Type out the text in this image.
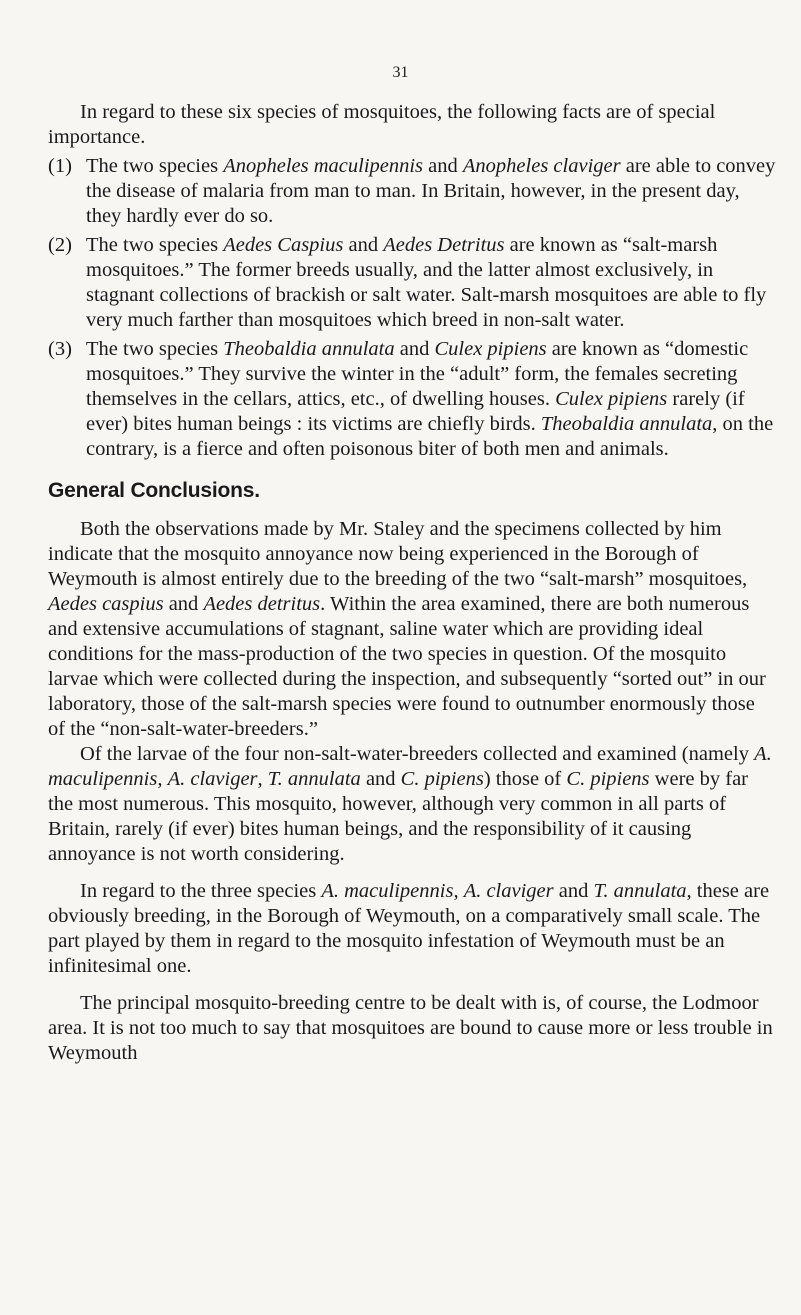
31

In regard to these six species of mosquitoes, the following facts are of special importance.

(1) The two species Anopheles maculipennis and Anopheles claviger are able to convey the disease of malaria from man to man. In Britain, however, in the present day, they hardly ever do so.

(2) The two species Aedes Caspius and Aedes Detritus are known as “salt-marsh mosquitoes.” The former breeds usually, and the latter almost exclusively, in stagnant collections of brackish or salt water. Salt-marsh mosquitoes are able to fly very much farther than mosquitoes which breed in non-salt water.

(3) The two species Theobaldia annulata and Culex pipiens are known as “domestic mosquitoes.” They survive the winter in the “adult” form, the females secreting themselves in the cellars, attics, etc., of dwelling houses. Culex pipiens rarely (if ever) bites human beings : its victims are chiefly birds. Theobaldia annulata, on the contrary, is a fierce and often poisonous biter of both men and animals.

General Conclusions.

Both the observations made by Mr. Staley and the specimens collected by him indicate that the mosquito annoyance now being experienced in the Borough of Weymouth is almost entirely due to the breeding of the two “salt-marsh” mosquitoes, Aedes caspius and Aedes detritus. Within the area examined, there are both numerous and extensive accumulations of stagnant, saline water which are providing ideal conditions for the mass-production of the two species in question. Of the mosquito larvae which were collected during the inspection, and subsequently “sorted out” in our laboratory, those of the salt-marsh species were found to outnumber enormously those of the “non-salt-water-breeders.”

Of the larvae of the four non-salt-water-breeders collected and examined (namely A. maculipennis, A. claviger, T. annulata and C. pipiens) those of C. pipiens were by far the most numerous. This mosquito, however, although very common in all parts of Britain, rarely (if ever) bites human beings, and the responsibility of it causing annoyance is not worth considering.

In regard to the three species A. maculipennis, A. claviger and T. annulata, these are obviously breeding, in the Borough of Weymouth, on a comparatively small scale. The part played by them in regard to the mosquito infestation of Weymouth must be an infinitesimal one.

The principal mosquito-breeding centre to be dealt with is, of course, the Lodmoor area. It is not too much to say that mosquitoes are bound to cause more or less trouble in Weymouth
